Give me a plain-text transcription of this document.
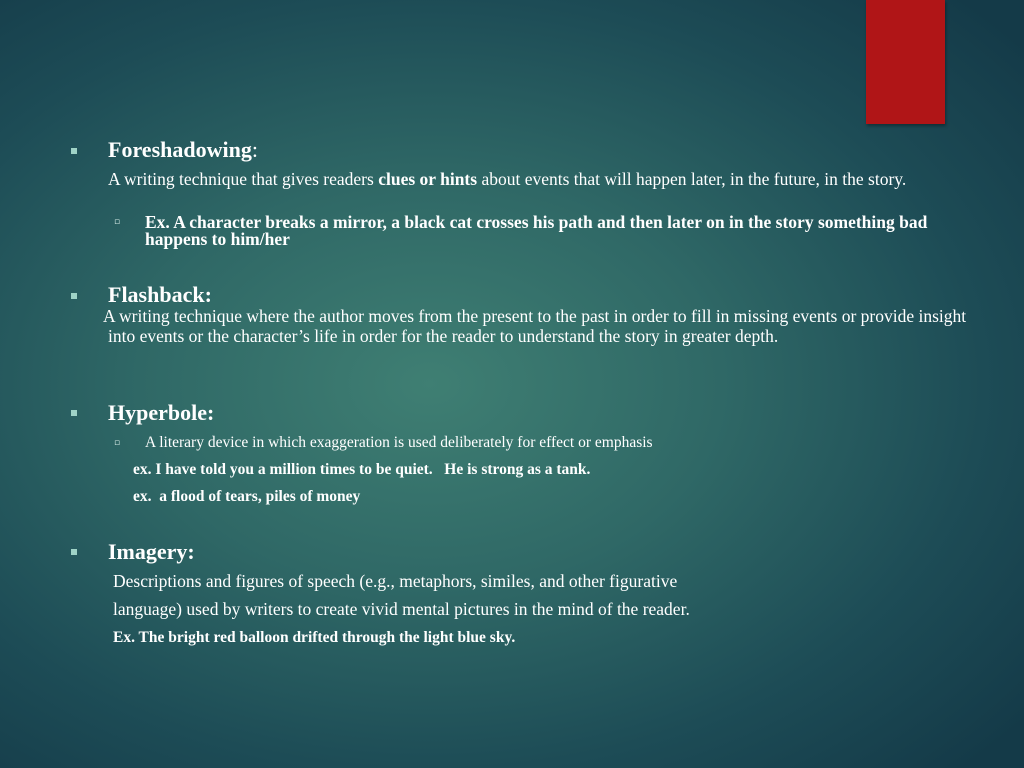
Foreshadowing:
A writing technique that gives readers clues or hints about events that will happen later, in the future, in the story.
▫ Ex. A character breaks a mirror, a black cat crosses his path and then later on in the story something bad happens to him/her
Flashback:
A writing technique where the author moves from the present to the past in order to fill in missing events or provide insight into events or the character’s life in order for the reader to understand the story in greater depth.
Hyperbole:
▫ A literary device in which exaggeration is used deliberately for effect or emphasis
ex. I have told you a million times to be quiet.   He is strong as a tank.
ex.  a flood of tears, piles of money
Imagery:
Descriptions and figures of speech (e.g., metaphors, similes, and other figurative
language) used by writers to create vivid mental pictures in the mind of the reader.
Ex. The bright red balloon drifted through the light blue sky.
